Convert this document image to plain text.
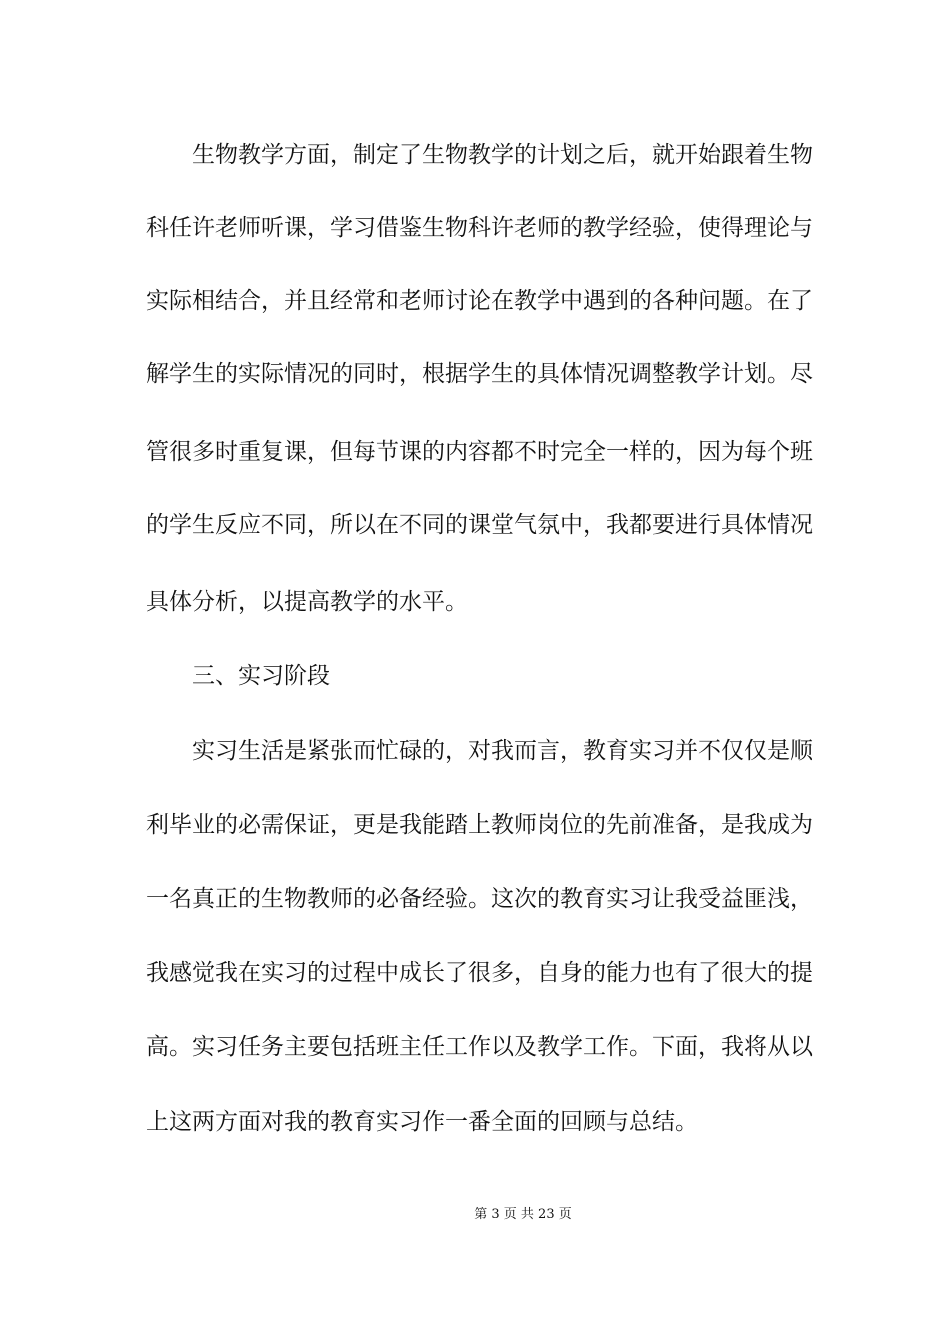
生物教学方面，制定了生物教学的计划之后，就开始跟着生物
科任许老师听课，学习借鉴生物科许老师的教学经验，使得理论与
实际相结合，并且经常和老师讨论在教学中遇到的各种问题。在了
解学生的实际情况的同时，根据学生的具体情况调整教学计划。尽
管很多时重复课，但每节课的内容都不时完全一样的，因为每个班
的学生反应不同，所以在不同的课堂气氛中，我都要进行具体情况
具体分析，以提高教学的水平。
三、实习阶段
实习生活是紧张而忙碌的，对我而言，教育实习并不仅仅是顺
利毕业的必需保证，更是我能踏上教师岗位的先前准备，是我成为
一名真正的生物教师的必备经验。这次的教育实习让我受益匪浅，
我感觉我在实习的过程中成长了很多，自身的能力也有了很大的提
高。实习任务主要包括班主任工作以及教学工作。下面，我将从以
上这两方面对我的教育实习作一番全面的回顾与总结。
第 3 页 共 23 页
